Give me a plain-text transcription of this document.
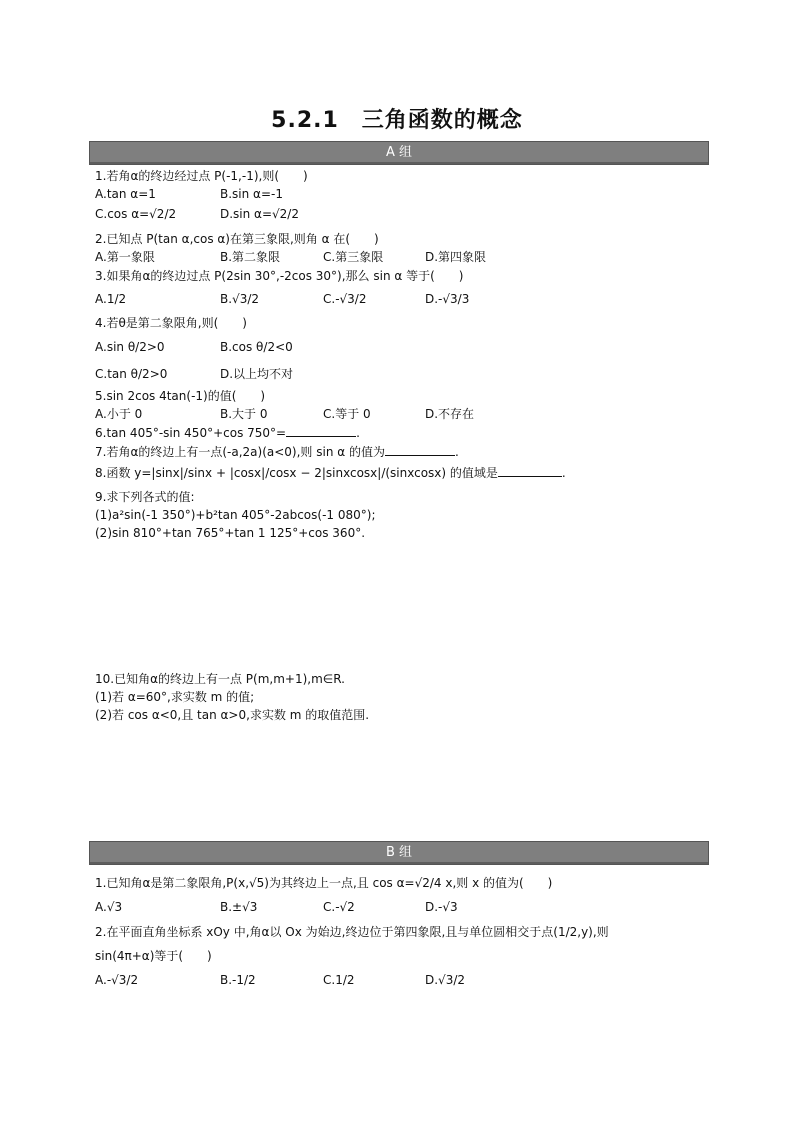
5.2.1　三角函数的概念
A 组
1.若角α的终边经过点 P(-1,-1),则(　　)
A.tan α=1	B.sin α=-1
C.cos α=√2/2	D.sin α=√2/2
2.已知点 P(tan α,cos α)在第三象限,则角 α 在(　　)
A.第一象限	B.第二象限	C.第三象限	D.第四象限
3.如果角α的终边过点 P(2sin 30°,-2cos 30°),那么 sin α 等于(　　)
A.1/2	B.√3/2	C.-√3/2	D.-√3/3
4.若θ是第二象限角,则(　　)
A.sin θ/2>0	B.cos θ/2<0
C.tan θ/2>0	D.以上均不对
5.sin 2cos 4tan(-1)的值(　　)
A.小于 0	B.大于 0	C.等于 0	D.不存在
6.tan 405°-sin 450°+cos 750°=	.
7.若角α的终边上有一点(-a,2a)(a<0),则 sin α 的值为	.
8.函数 y=|sinx|/sinx + |cosx|/cosx − 2|sinxcosx|/(sinxcosx) 的值域是	.
9.求下列各式的值:
(1)a²sin(-1 350°)+b²tan 405°-2abcos(-1 080°);
(2)sin 810°+tan 765°+tan 1 125°+cos 360°.
10.已知角α的终边上有一点 P(m,m+1),m∈R.
(1)若 α=60°,求实数 m 的值;
(2)若 cos α<0,且 tan α>0,求实数 m 的取值范围.
B 组
1.已知角α是第二象限角,P(x,√5)为其终边上一点,且 cos α=√2/4 x,则 x 的值为(　　)
A.√3	B.±√3	C.-√2	D.-√3
2.在平面直角坐标系 xOy 中,角α以 Ox 为始边,终边位于第四象限,且与单位圆相交于点(1/2,y),则
sin(4π+α)等于(　　)
A.-√3/2	B.-1/2	C.1/2	D.√3/2
